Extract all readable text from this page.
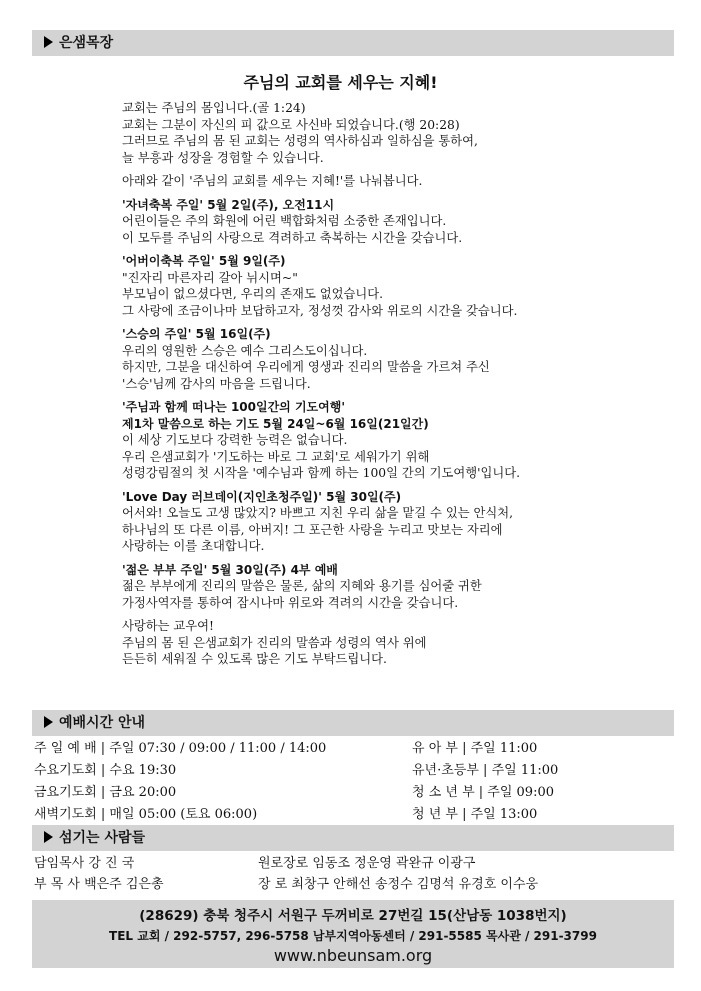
은샘목장
주님의 교회를 세우는 지혜!
교회는 주님의 몸입니다.(골 1:24)
교회는 그분이 자신의 피 값으로 사신바 되었습니다.(행 20:28)
그러므로 주님의 몸 된 교회는 성령의 역사하심과 일하심을 통하여,
늘 부흥과 성장을 경험할 수 있습니다.
아래와 같이 '주님의 교회를 세우는 지혜!'를 나눠봅니다.
'자녀축복 주일' 5월 2일(주), 오전11시
어린이들은 주의 화원에 어린 백합화처럼 소중한 존재입니다.
이 모두를 주님의 사랑으로 격려하고 축복하는 시간을 갖습니다.
'어버이축복 주일' 5월 9일(주)
"진자리 마른자리 갈아 뉘시며~"
부모님이 없으셨다면, 우리의 존재도 없었습니다.
그 사랑에 조금이나마 보답하고자, 정성껏 감사와 위로의 시간을 갖습니다.
'스승의 주일' 5월 16일(주)
우리의 영원한 스승은 예수 그리스도이십니다.
하지만, 그분을 대신하여 우리에게 영생과 진리의 말씀을 가르쳐 주신
'스승'님께 감사의 마음을 드립니다.
'주님과 함께 떠나는 100일간의 기도여행'
제1차 말씀으로 하는 기도 5월 24일~6월 16일(21일간)
이 세상 기도보다 강력한 능력은 없습니다.
우리 은샘교회가 '기도하는 바로 그 교회'로 세워가기 위해
성령강림절의 첫 시작을 '예수님과 함께 하는 100일 간의 기도여행'입니다.
'Love Day 러브데이(지인초청주일)' 5월 30일(주)
어서와! 오늘도 고생 많았지? 바쁘고 지친 우리 삶을 맡길 수 있는 안식처,
하나님의 또 다른 이름, 아버지! 그 포근한 사랑을 누리고 맛보는 자리에
사랑하는 이를 초대합니다.
'젊은 부부 주일' 5월 30일(주) 4부 예배
젊은 부부에게 진리의 말씀은 물론, 삶의 지혜와 용기를 심어줄 귀한
가정사역자를 통하여 잠시나마 위로와 격려의 시간을 갖습니다.
사랑하는 교우여!
주님의 몸 된 은샘교회가 진리의 말씀과 성령의 역사 위에
든든히 세워질 수 있도록 많은 기도 부탁드립니다.
예배시간 안내
주 일 예 배 | 주일 07:30 / 09:00 / 11:00 / 14:00	유 아 부 | 주일 11:00
수요기도회 | 수요 19:30	유년·초등부 | 주일 11:00
금요기도회 | 금요 20:00	청 소 년 부 | 주일 09:00
새벽기도회 | 매일 05:00 (토요 06:00)	청 년 부 | 주일 13:00
섬기는 사람들
담임목사 강 진 국	원로장로 임동조 정운영 곽완규 이광구
부 목 사 백은주 김은총	장 로 최창구 안해선 송정수 김명석 유경호 이수웅
(28629) 충북 청주시 서원구 두꺼비로 27번길 15(산남동 1038번지)
TEL 교회 / 292-5757, 296-5758 남부지역아동센터 / 291-5585 목사관 / 291-3799
www.nbeunsam.org
